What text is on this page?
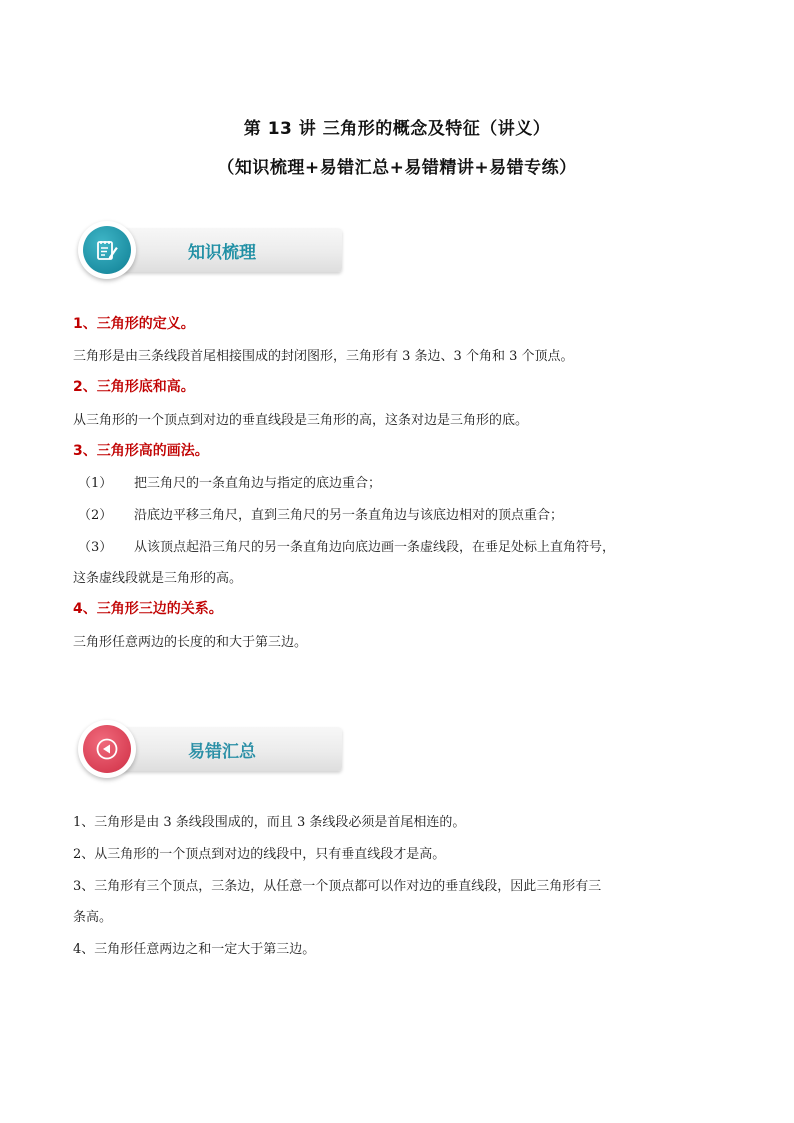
第 13 讲 三角形的概念及特征（讲义）
（知识梳理+易错汇总+易错精讲+易错专练）
知识梳理
1、三角形的定义。
三角形是由三条线段首尾相接围成的封闭图形，三角形有 3 条边、3 个角和 3 个顶点。
2、三角形底和高。
从三角形的一个顶点到对边的垂直线段是三角形的高，这条对边是三角形的底。
3、三角形高的画法。
（1） 把三角尺的一条直角边与指定的底边重合；
（2） 沿底边平移三角尺，直到三角尺的另一条直角边与该底边相对的顶点重合；
（3） 从该顶点起沿三角尺的另一条直角边向底边画一条虚线段，在垂足处标上直角符号，
这条虚线段就是三角形的高。
4、三角形三边的关系。
三角形任意两边的长度的和大于第三边。
易错汇总
1、三角形是由 3 条线段围成的，而且 3 条线段必须是首尾相连的。
2、从三角形的一个顶点到对边的线段中，只有垂直线段才是高。
3、三角形有三个顶点，三条边，从任意一个顶点都可以作对边的垂直线段，因此三角形有三
条高。
4、三角形任意两边之和一定大于第三边。
